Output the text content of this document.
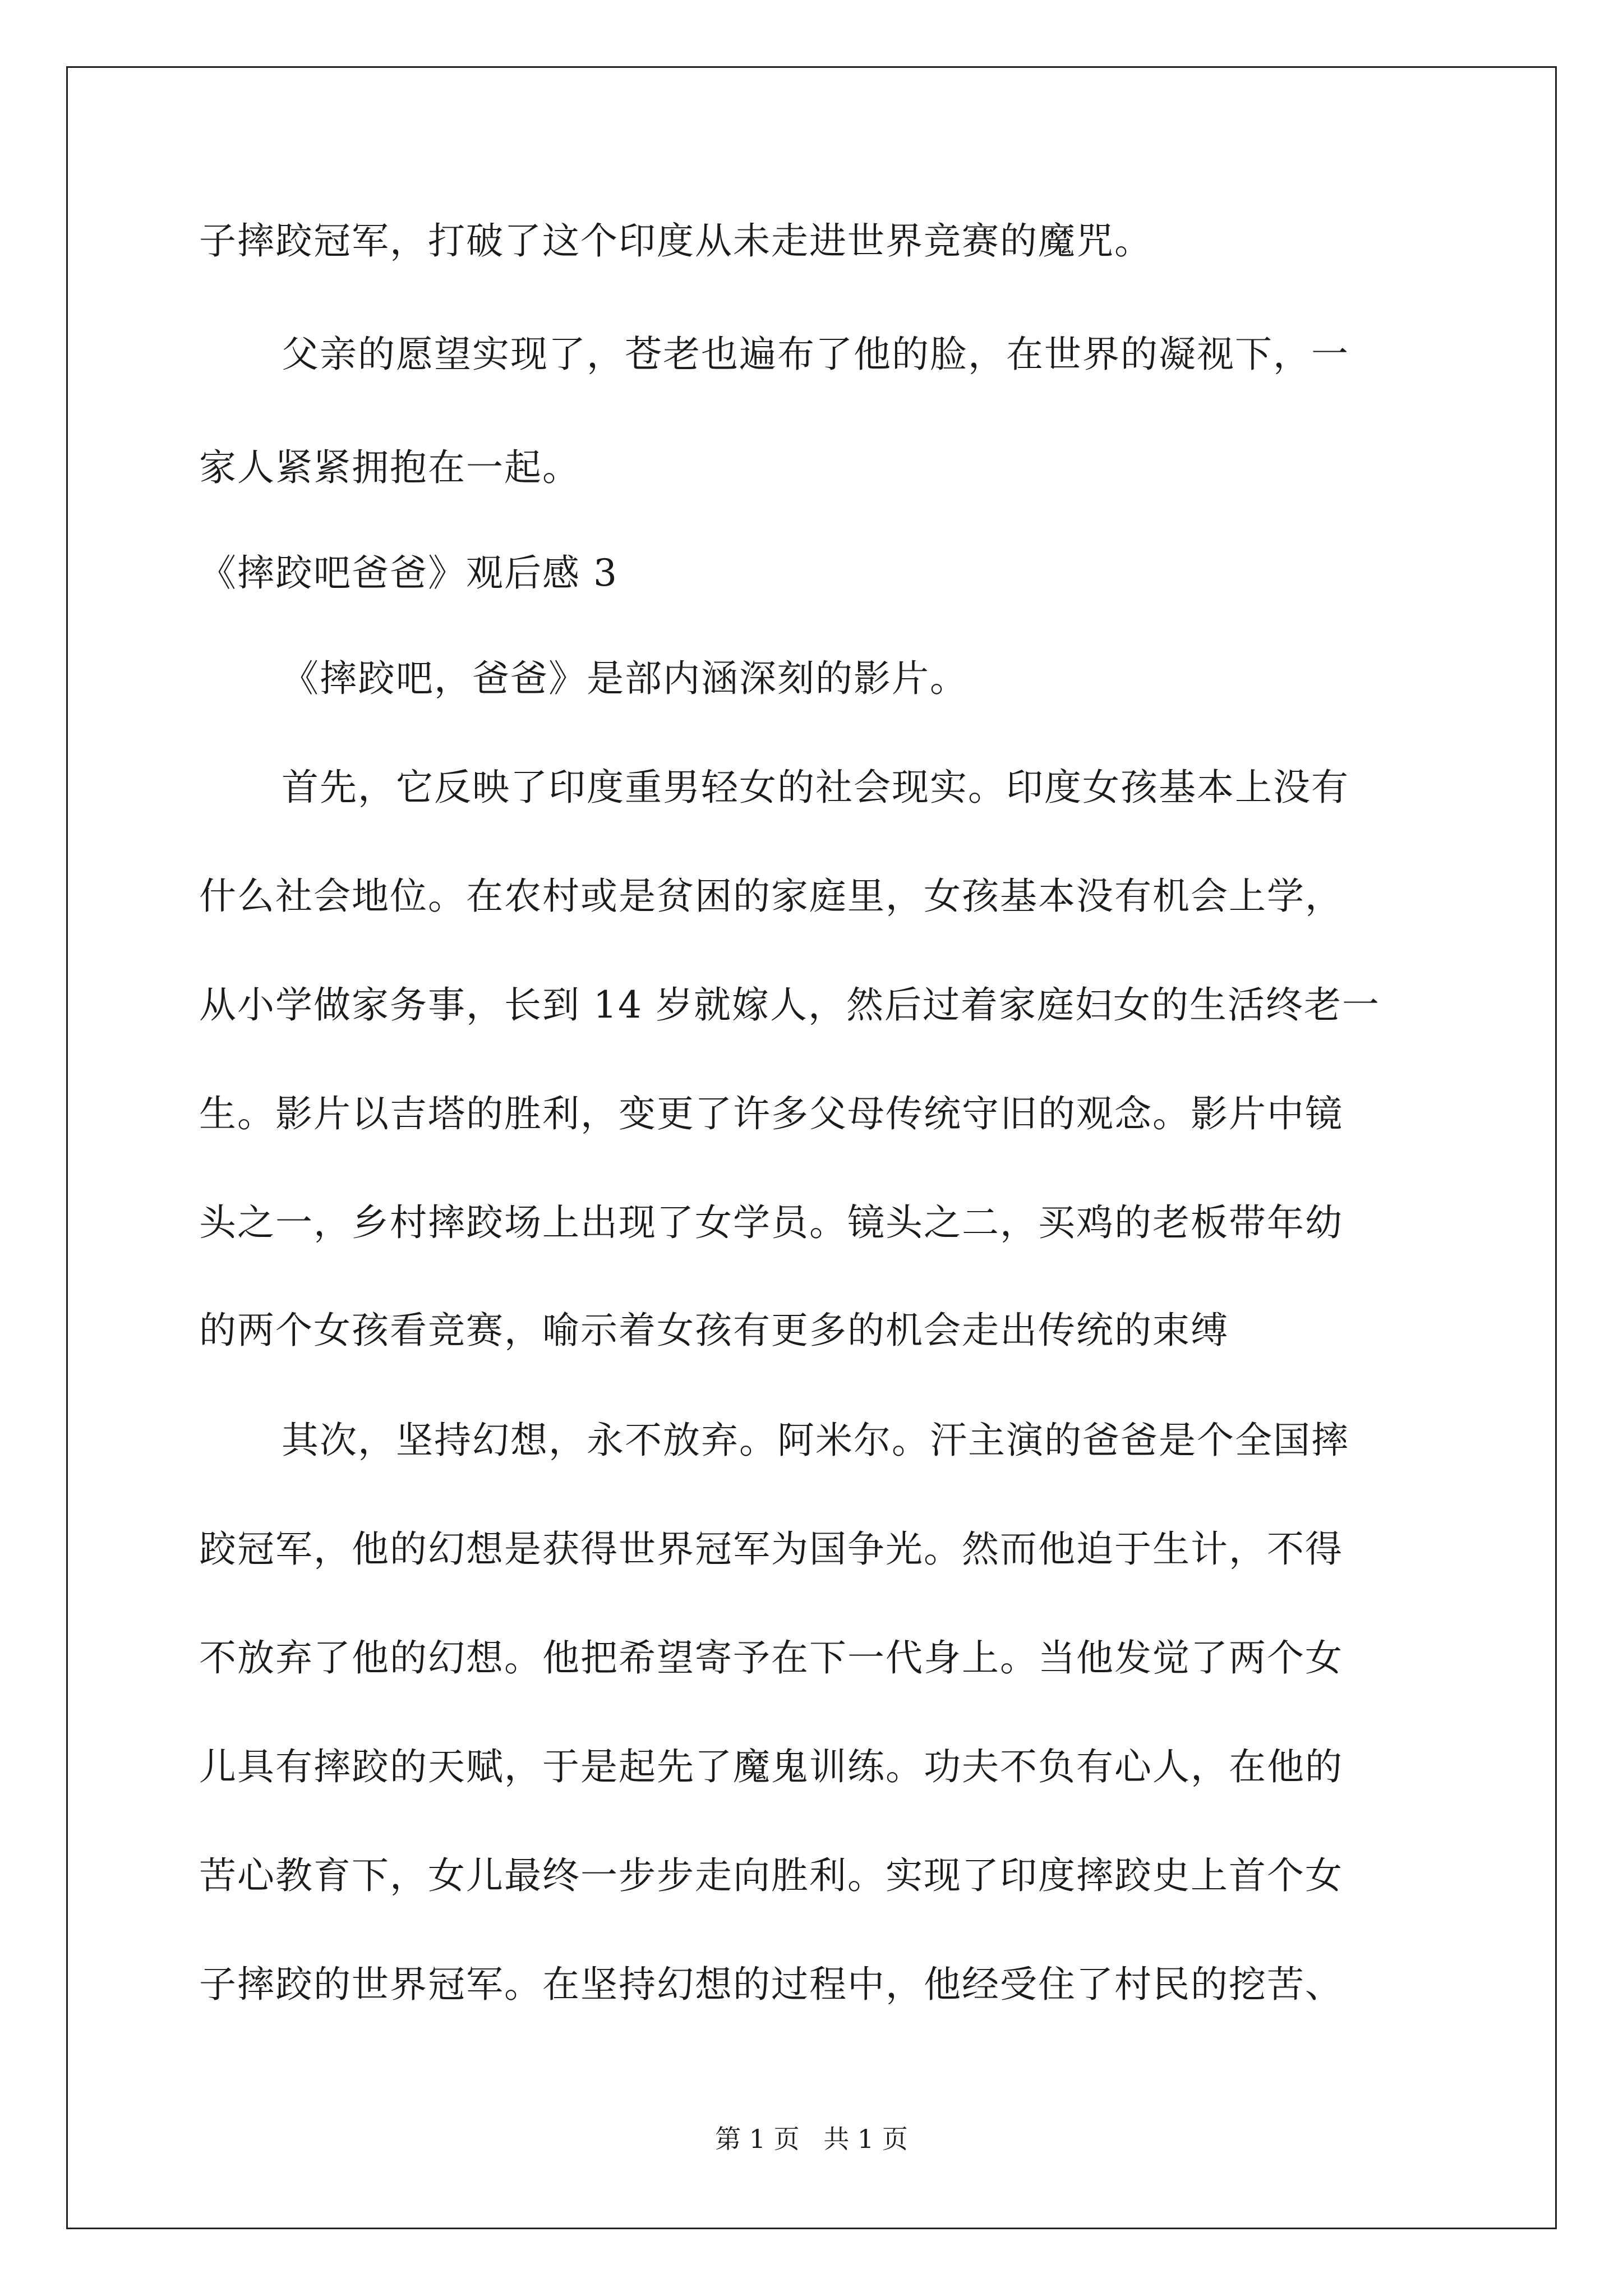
子摔跤冠军，打破了这个印度从未走进世界竞赛的魔咒。
父亲的愿望实现了，苍老也遍布了他的脸，在世界的凝视下，一
家人紧紧拥抱在一起。
《摔跤吧爸爸》观后感 3
《摔跤吧，爸爸》是部内涵深刻的影片。
首先，它反映了印度重男轻女的社会现实。印度女孩基本上没有
什么社会地位。在农村或是贫困的家庭里，女孩基本没有机会上学，
从小学做家务事，长到 14 岁就嫁人，然后过着家庭妇女的生活终老一
生。影片以吉塔的胜利，变更了许多父母传统守旧的观念。影片中镜
头之一，乡村摔跤场上出现了女学员。镜头之二，买鸡的老板带年幼
的两个女孩看竞赛，喻示着女孩有更多的机会走出传统的束缚
其次，坚持幻想，永不放弃。阿米尔。汗主演的爸爸是个全国摔
跤冠军，他的幻想是获得世界冠军为国争光。然而他迫于生计，不得
不放弃了他的幻想。他把希望寄予在下一代身上。当他发觉了两个女
儿具有摔跤的天赋，于是起先了魔鬼训练。功夫不负有心人，在他的
苦心教育下，女儿最终一步步走向胜利。实现了印度摔跤史上首个女
子摔跤的世界冠军。在坚持幻想的过程中，他经受住了村民的挖苦、
第 1 页 共 1 页
